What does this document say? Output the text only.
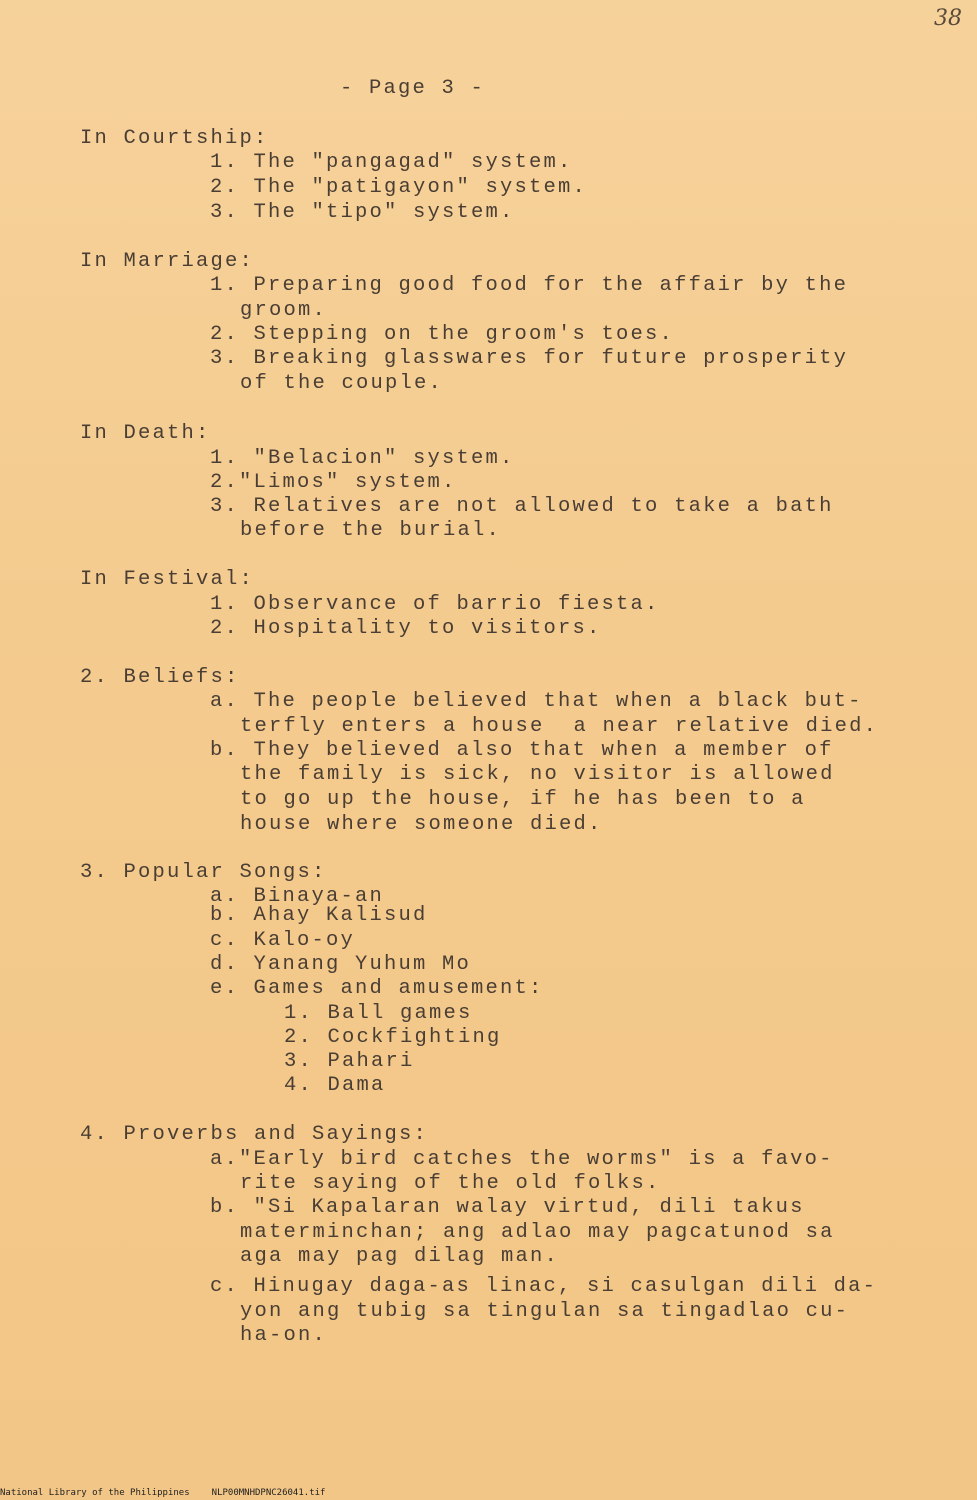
38
- Page 3 -
In Courtship:
1. The "pangagad" system.
2. The "patigayon" system.
3. The "tipo" system.
In Marriage:
1. Preparing good food for the affair by the
groom.
2. Stepping on the groom's toes.
3. Breaking glasswares for future prosperity
of the couple.
In Death:
1. "Belacion" system.
2."Limos" system.
3. Relatives are not allowed to take a bath
before the burial.
In Festival:
1. Observance of barrio fiesta.
2. Hospitality to visitors.
2. Beliefs:
a. The people believed that when a black but-
terfly enters a house  a near relative died.
b. They believed also that when a member of
the family is sick, no visitor is allowed
to go up the house, if he has been to a
house where someone died.
3. Popular Songs:
a. Binaya-an
b. Ahay Kalisud
c. Kalo-oy
d. Yanang Yuhum Mo
e. Games and amusement:
1. Ball games
2. Cockfighting
3. Pahari
4. Dama
4. Proverbs and Sayings:
a."Early bird catches the worms" is a favo-
rite saying of the old folks.
b. "Si Kapalaran walay virtud, dili takus
materminchan; ang adlao may pagcatunod sa
aga may pag dilag man.
c. Hinugay daga-as linac, si casulgan dili da-
yon ang tubig sa tingulan sa tingadlao cu-
ha-on.
National Library of the Philippines NLP00MNHDPNC26041.tif
